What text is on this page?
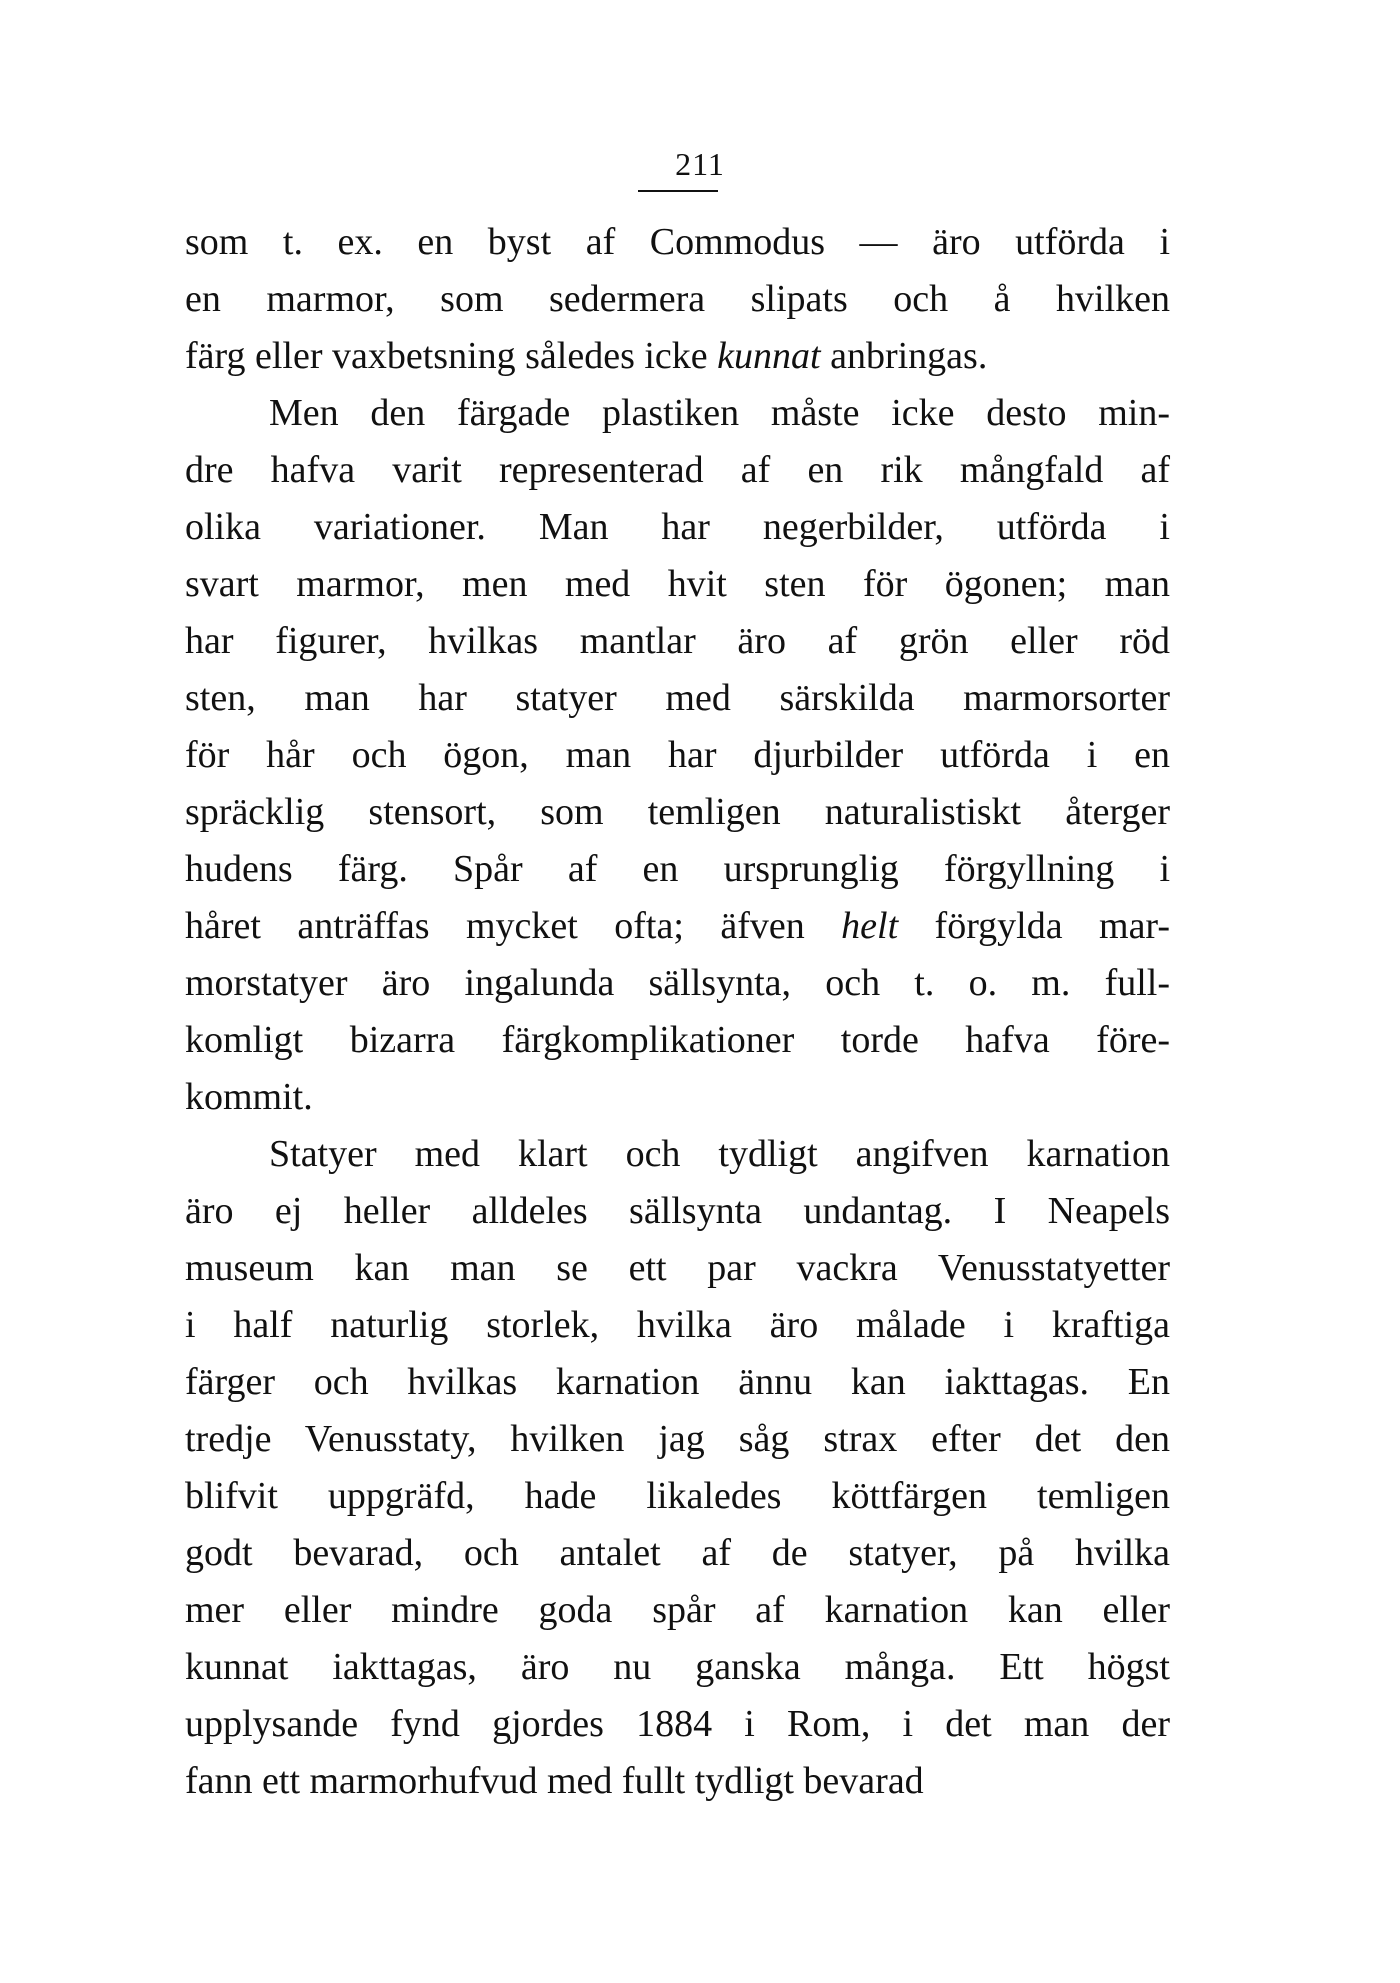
211
som t. ex. en byst af Commodus — äro utförda i
en marmor, som sedermera slipats och å hvilken
färg eller vaxbetsning således icke kunnat anbringas.
Men den färgade plastiken måste icke desto min-
dre hafva varit representerad af en rik mångfald af
olika variationer. Man har negerbilder, utförda i
svart marmor, men med hvit sten för ögonen; man
har figurer, hvilkas mantlar äro af grön eller röd
sten, man har statyer med särskilda marmorsorter
för hår och ögon, man har djurbilder utförda i en
spräcklig stensort, som temligen naturalistiskt återger
hudens färg. Spår af en ursprunglig förgyllning i
håret anträffas mycket ofta; äfven helt förgylda mar-
morstatyer äro ingalunda sällsynta, och t. o. m. full-
komligt bizarra färgkomplikationer torde hafva före-
kommit.
Statyer med klart och tydligt angifven karnation
äro ej heller alldeles sällsynta undantag. I Neapels
museum kan man se ett par vackra Venusstatyetter
i half naturlig storlek, hvilka äro målade i kraftiga
färger och hvilkas karnation ännu kan iakttagas. En
tredje Venusstaty, hvilken jag såg strax efter det den
blifvit uppgräfd, hade likaledes köttfärgen temligen
godt bevarad, och antalet af de statyer, på hvilka
mer eller mindre goda spår af karnation kan eller
kunnat iakttagas, äro nu ganska många. Ett högst
upplysande fynd gjordes 1884 i Rom, i det man der
fann ett marmorhufvud med fullt tydligt bevarad
